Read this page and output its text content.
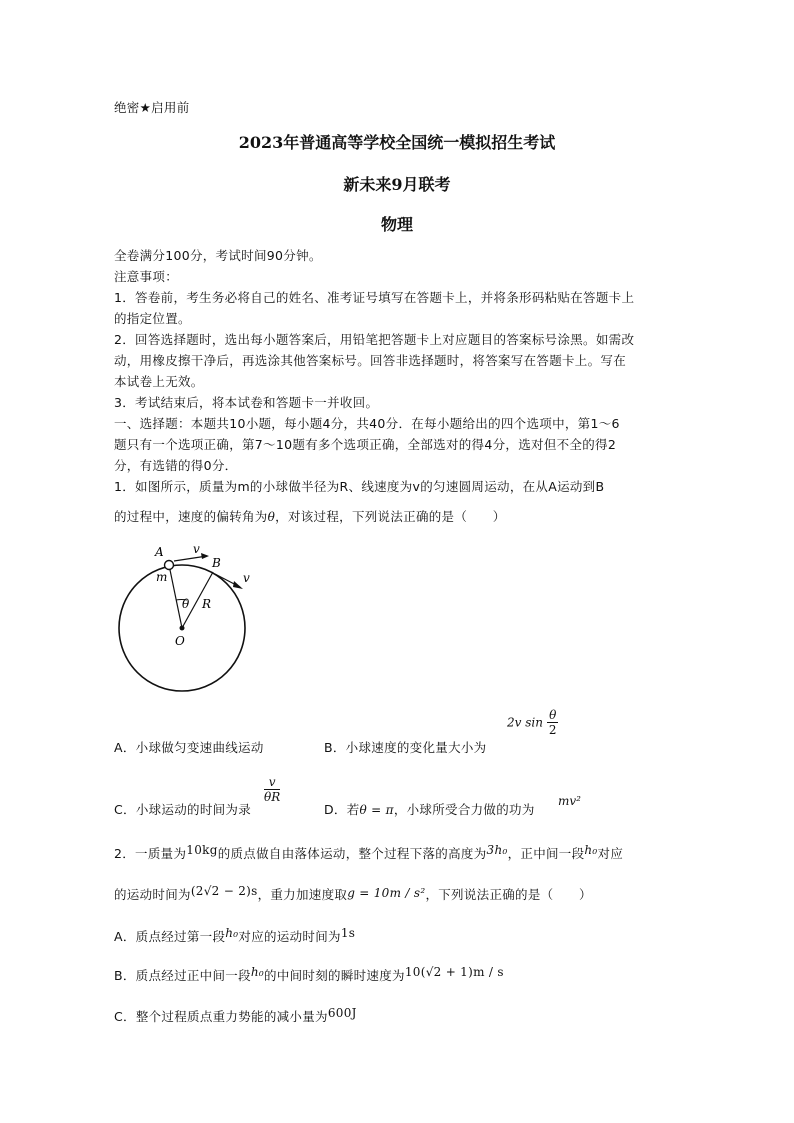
绝密★启用前
2023年普通高等学校全国统一模拟招生考试
新未来9月联考
物理
全卷满分100分，考试时间90分钟。
注意事项：
1．答卷前，考生务必将自己的姓名、准考证号填写在答题卡上，并将条形码粘贴在答题卡上
的指定位置。
2．回答选择题时，选出每小题答案后，用铅笔把答题卡上对应题目的答案标号涂黑。如需改
动，用橡皮擦干净后，再选涂其他答案标号。回答非选择题时，将答案写在答题卡上。写在
本试卷上无效。
3．考试结束后，将本试卷和答题卡一并收回。
一、选择题：本题共10小题，每小题4分，共40分．在每小题给出的四个选项中，第1～6
题只有一个选项正确，第7～10题有多个选项正确，全部选对的得4分，选对但不全的得2
分，有选错的得0分．
1．如图所示，质量为m的小球做半径为R、线速度为v的匀速圆周运动，在从A运动到B
的过程中，速度的偏转角为θ，对该过程，下列说法正确的是（　　）
A v
B
v
m
θ R
O
A．小球做匀变速曲线运动	B．小球速度的变化量大小为
2v $\sin \frac{\theta}{2}$
C．小球运动的时间为录
$\frac{v}{\theta R}$
D．若θ = π，小球所受合力做的功为
mv²
2．一质量为10kg的质点做自由落体运动，整个过程下落的高度为3h₀，正中间一段h₀对应
的运动时间为(2√2 − 2)s，重力加速度取g = 10m / s²，下列说法正确的是（　　）
A．质点经过第一段h₀对应的运动时间为1s
B．质点经过正中间一段h₀的中间时刻的瞬时速度为10(√2 + 1)m / s
C．整个过程质点重力势能的减小量为600J
